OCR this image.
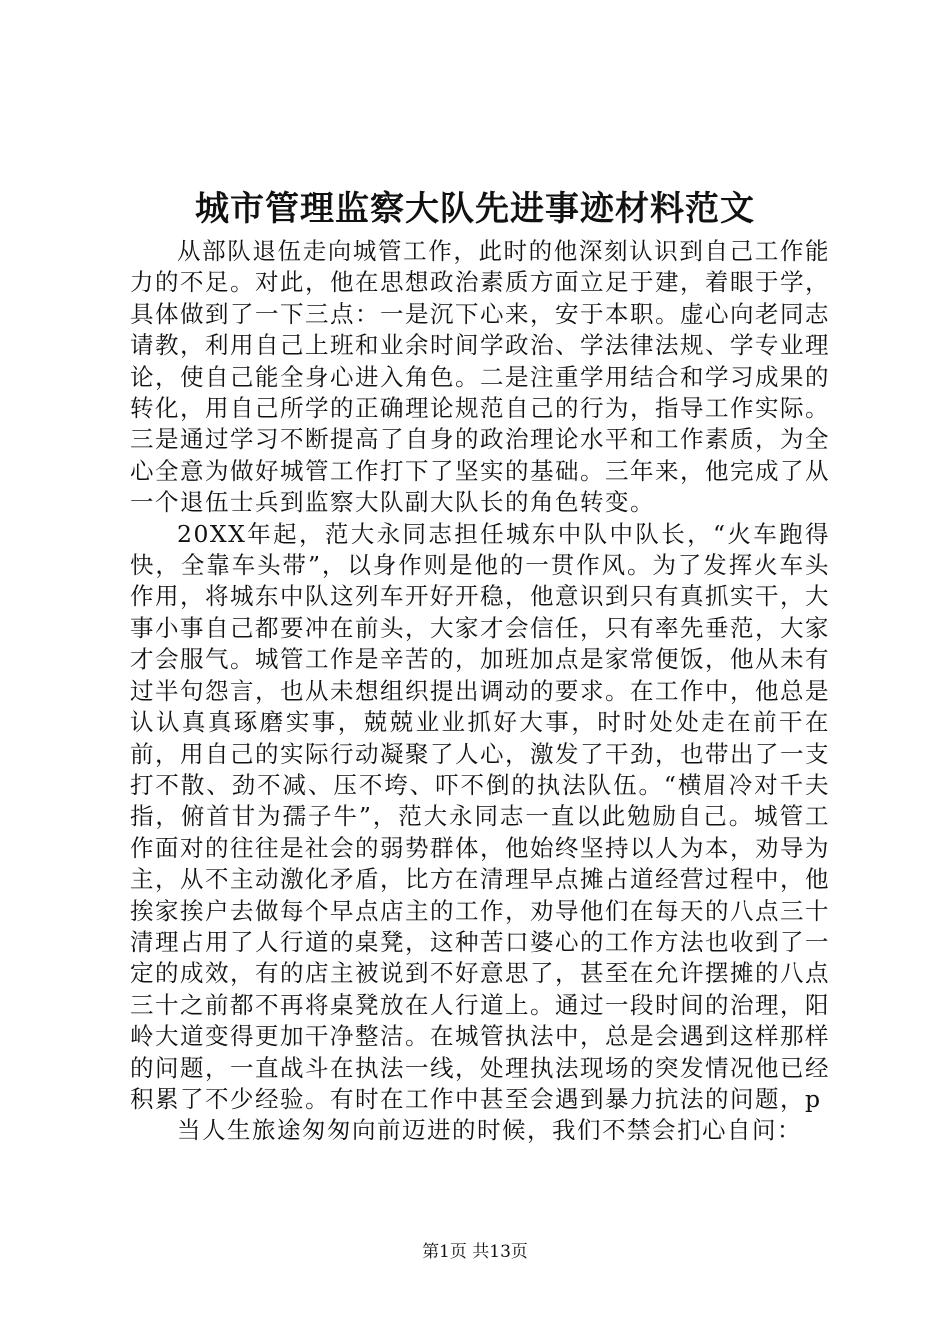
城市管理监察大队先进事迹材料范文

从部队退伍走向城管工作，此时的他深刻认识到自己工作能力的不足。对此，他在思想政治素质方面立足于建，着眼于学，具体做到了一下三点：一是沉下心来，安于本职。虚心向老同志请教，利用自己上班和业余时间学政治、学法律法规、学专业理论，使自己能全身心进入角色。二是注重学用结合和学习成果的转化，用自己所学的正确理论规范自己的行为，指导工作实际。三是通过学习不断提高了自身的政治理论水平和工作素质，为全心全意为做好城管工作打下了坚实的基础。三年来，他完成了从一个退伍士兵到监察大队副大队长的角色转变。

20XX年起，范大永同志担任城东中队中队长，“火车跑得快，全靠车头带”，以身作则是他的一贯作风。为了发挥火车头作用，将城东中队这列车开好开稳，他意识到只有真抓实干，大事小事自己都要冲在前头，大家才会信任，只有率先垂范，大家才会服气。城管工作是辛苦的，加班加点是家常便饭，他从未有过半句怨言，也从未想组织提出调动的要求。在工作中，他总是认认真真琢磨实事，兢兢业业抓好大事，时时处处走在前干在前，用自己的实际行动凝聚了人心，激发了干劲，也带出了一支打不散、劲不减、压不垮、吓不倒的执法队伍。“横眉冷对千夫指，俯首甘为孺子牛”，范大永同志一直以此勉励自己。城管工作面对的往往是社会的弱势群体，他始终坚持以人为本，劝导为主，从不主动激化矛盾，比方在清理早点摊占道经营过程中，他挨家挨户去做每个早点店主的工作，劝导他们在每天的八点三十清理占用了人行道的桌凳，这种苦口婆心的工作方法也收到了一定的成效，有的店主被说到不好意思了，甚至在允许摆摊的八点三十之前都不再将桌凳放在人行道上。通过一段时间的治理，阳岭大道变得更加干净整洁。在城管执法中，总是会遇到这样那样的问题，一直战斗在执法一线，处理执法现场的突发情况他已经积累了不少经验。有时在工作中甚至会遇到暴力抗法的问题，p

当人生旅途匆匆向前迈进的时候，我们不禁会扪心自问：

第1页 共13页
